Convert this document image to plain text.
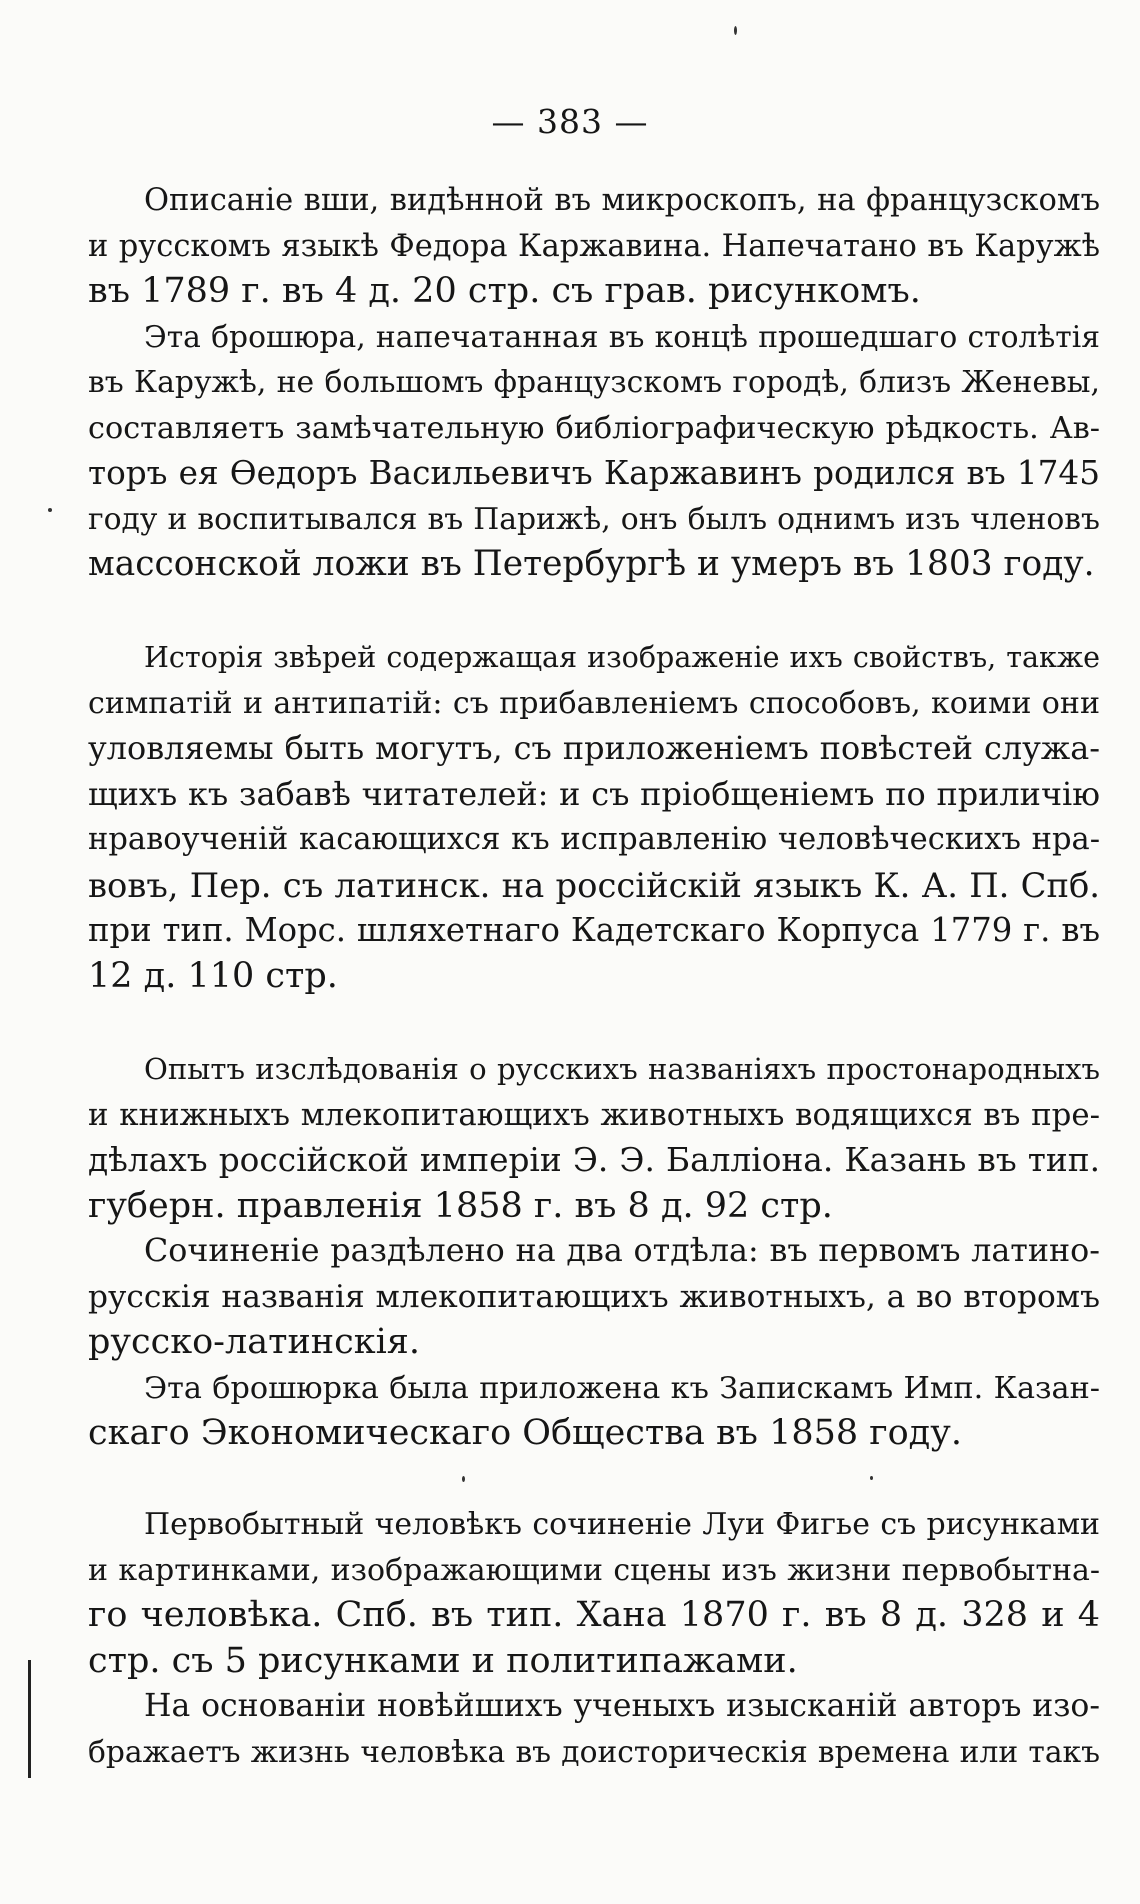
— 383 —
Описаніе вши, видѣнной въ микроскопъ, на французскомъ
и русскомъ языкѣ Федора Каржавина. Напечатано въ Каружѣ
въ 1789 г. въ 4 д. 20 стр. съ грав. рисункомъ.
Эта брошюра, напечатанная въ концѣ прошедшаго столѣтія
въ Каружѣ, не большомъ французскомъ городѣ, близъ Женевы,
составляетъ замѣчательную библіографическую рѣдкость. Ав-
торъ ея Ѳедоръ Васильевичъ Каржавинъ родился въ 1745
году и воспитывался въ Парижѣ, онъ былъ однимъ изъ членовъ
массонской ложи въ Петербургѣ и умеръ въ 1803 году.
Исторія звѣрей содержащая изображеніе ихъ свойствъ, также
симпатій и антипатій: съ прибавленіемъ способовъ, коими они
уловляемы быть могутъ, съ приложеніемъ повѣстей служа-
щихъ къ забавѣ читателей: и съ пріобщеніемъ по приличію
нравоученій касающихся къ исправленію человѣческихъ нра-
вовъ, Пер. съ латинск. на россійскій языкъ К. А. П. Спб.
при тип. Морс. шляхетнаго Кадетскаго Корпуса 1779 г. въ
12 д. 110 стр.
Опытъ изслѣдованія о русскихъ названіяхъ простонародныхъ
и книжныхъ млекопитающихъ животныхъ водящихся въ пре-
дѣлахъ россійской имперіи Э. Э. Балліона. Казань въ тип.
губерн. правленія 1858 г. въ 8 д. 92 стр.
Сочиненіе раздѣлено на два отдѣла: въ первомъ латино-
русскія названія млекопитающихъ животныхъ, а во второмъ
русско-латинскія.
Эта брошюрка была приложена къ Запискамъ Имп. Казан-
скаго Экономическаго Общества въ 1858 году.
Первобытный человѣкъ сочиненіе Луи Фигье съ рисунками
и картинками, изображающими сцены изъ жизни первобытна-
го человѣка. Спб. въ тип. Хана 1870 г. въ 8 д. 328 и 4
стр. съ 5 рисунками и политипажами.
На основаніи новѣйшихъ ученыхъ изысканій авторъ изо-
бражаетъ жизнь человѣка въ доисторическія времена или такъ
